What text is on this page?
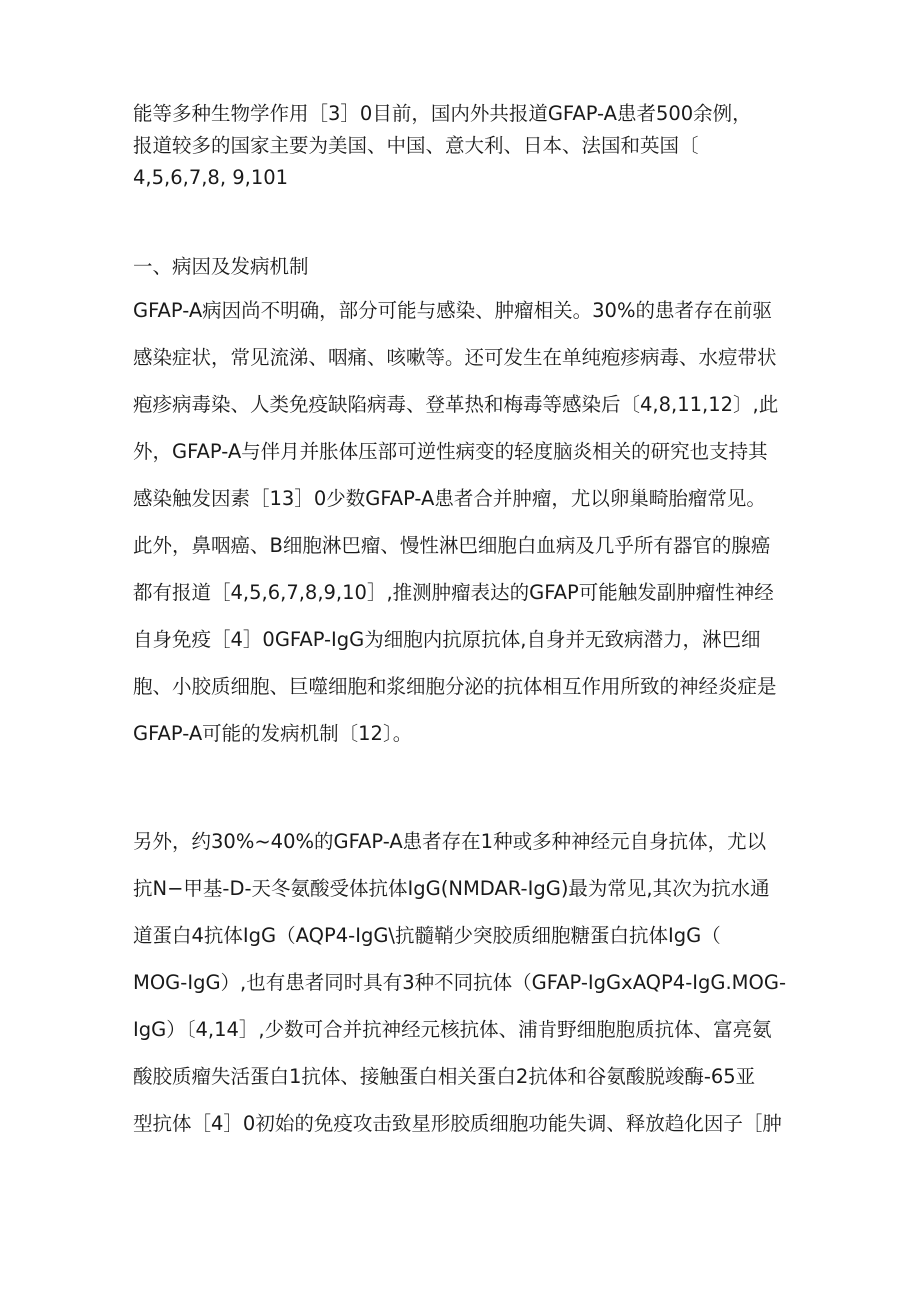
能等多种生物学作用［3］0目前，国内外共报道GFAP-A患者500余例，
报道较多的国家主要为美国、中国、意大利、日本、法国和英国〔
4,5,6,7,8, 9,101
一、病因及发病机制
GFAP-A病因尚不明确，部分可能与感染、肿瘤相关。30%的患者存在前驱
感染症状，常见流涕、咽痛、咳嗽等。还可发生在单纯疱疹病毒、水痘带状
疱疹病毒染、人类免疫缺陷病毒、登革热和梅毒等感染后〔4,8,11,12〕,此
外，GFAP-A与伴月并胀体压部可逆性病变的轻度脑炎相关的研究也支持其
感染触发因素［13］0少数GFAP-A患者合并肿瘤，尤以卵巢畸胎瘤常见。
此外，鼻咽癌、B细胞淋巴瘤、慢性淋巴细胞白血病及几乎所有器官的腺癌
都有报道［4,5,6,7,8,9,10］,推测肿瘤表达的GFAP可能触发副肿瘤性神经
自身免疫［4］0GFAP-IgG为细胞内抗原抗体,自身并无致病潜力，淋巴细
胞、小胶质细胞、巨噬细胞和浆细胞分泌的抗体相互作用所致的神经炎症是
GFAP-A可能的发病机制〔12〕。
另外，约30%~40%的GFAP-A患者存在1种或多种神经元自身抗体，尤以
抗N−甲基-D-天冬氨酸受体抗体IgG(NMDAR-IgG)最为常见,其次为抗水通
道蛋白4抗体IgG（AQP4-IgG\抗髓鞘少突胶质细胞糖蛋白抗体IgG（
MOG-IgG）,也有患者同时具有3种不同抗体（GFAP-IgGxAQP4-IgG.MOG-
IgG）〔4,14］,少数可合并抗神经元核抗体、浦肯野细胞胞质抗体、富亮氨
酸胶质瘤失活蛋白1抗体、接触蛋白相关蛋白2抗体和谷氨酸脱竣酶-65亚
型抗体［4］0初始的免疫攻击致星形胶质细胞功能失调、释放趋化因子［肿
